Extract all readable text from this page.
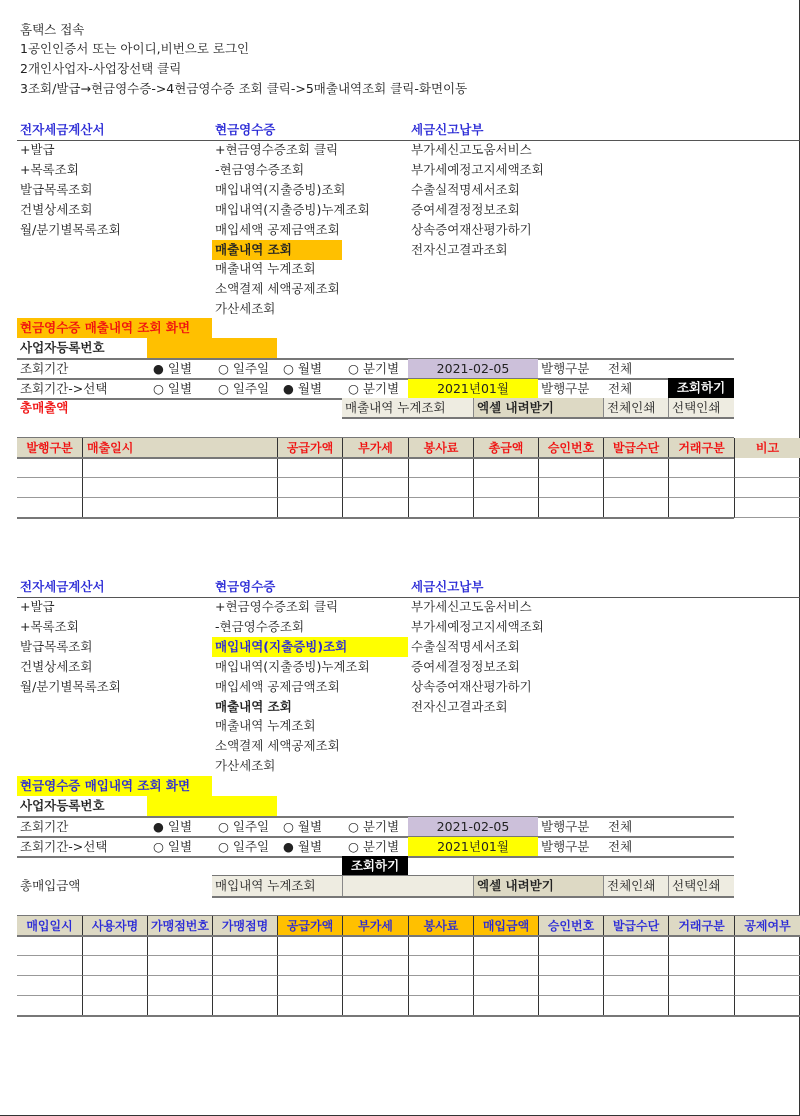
홈택스 접속
1공인인증서 또는 아이디,비번으로 로그인
2개인사업자-사업장선택 클릭
3조회/발급→현금영수증->4현금영수증 조회 클릭->5매출내역조회 클릭-화면이동
전자세금계산서
+발급
+목록조회
발급목록조회
건별상세조회
월/분기별목록조회
현금영수증
+현금영수증조회 클릭
-현금영수증조회
매입내역(지출증빙)조회
매입내역(지출증빙)누계조회
매입세액 공제금액조회
매출내역 조회
매출내역 누계조회
소액결제 세액공제조회
가산세조회
세금신고납부
부가세신고도움서비스
부가세예정고지세액조회
수출실적명세서조회
증여세결정정보조회
상속증여재산평가하기
전자신고결과조회
전자세금계산서
+발급
+목록조회
발급목록조회
건별상세조회
월/분기별목록조회
현금영수증
+현금영수증조회 클릭
-현금영수증조회
매입내역(지출증빙)조회
매입내역(지출증빙)누계조회
매입세액 공제금액조회
매출내역 조회
매출내역 누계조회
소액결제 세액공제조회
가산세조회
세금신고납부
부가세신고도움서비스
부가세예정고지세액조회
수출실적명세서조회
증여세결정정보조회
상속증여재산평가하기
전자신고결과조회
현금영수증 매출내역 조회 화면
사업자등록번호
조회기간	● 일별 ○ 일주일 ○ 월별 ○ 분기별	2021-02-05	발행구분 전체
조회기간->선택	○ 일별 ○ 일주일 ● 월별 ○ 분기별	2021년01월	발행구분 전체
총매출액	매출내역 누계조회	엑셀 내려받기	전체인쇄	선택인쇄
조회하기
발행구분	매출일시	공급가액	부가세	봉사료	총금액	승인번호	발급수단	거래구분	비고
현금영수증 매입내역 조회 화면
사업자등록번호
조회기간	● 일별 ○ 일주일 ○ 월별 ○ 분기별	2021-02-05	발행구분 전체
조회기간->선택	○ 일별 ○ 일주일 ● 월별 ○ 분기별	2021년01월	발행구분 전체
조회하기
총매입금액	매입내역 누계조회	엑셀 내려받기	전체인쇄	선택인쇄
매입일시	사용자명	가맹점번호	가맹점명	공급가액	부가세	봉사료	매입금액	승인번호	발급수단	거래구분	공제여부
